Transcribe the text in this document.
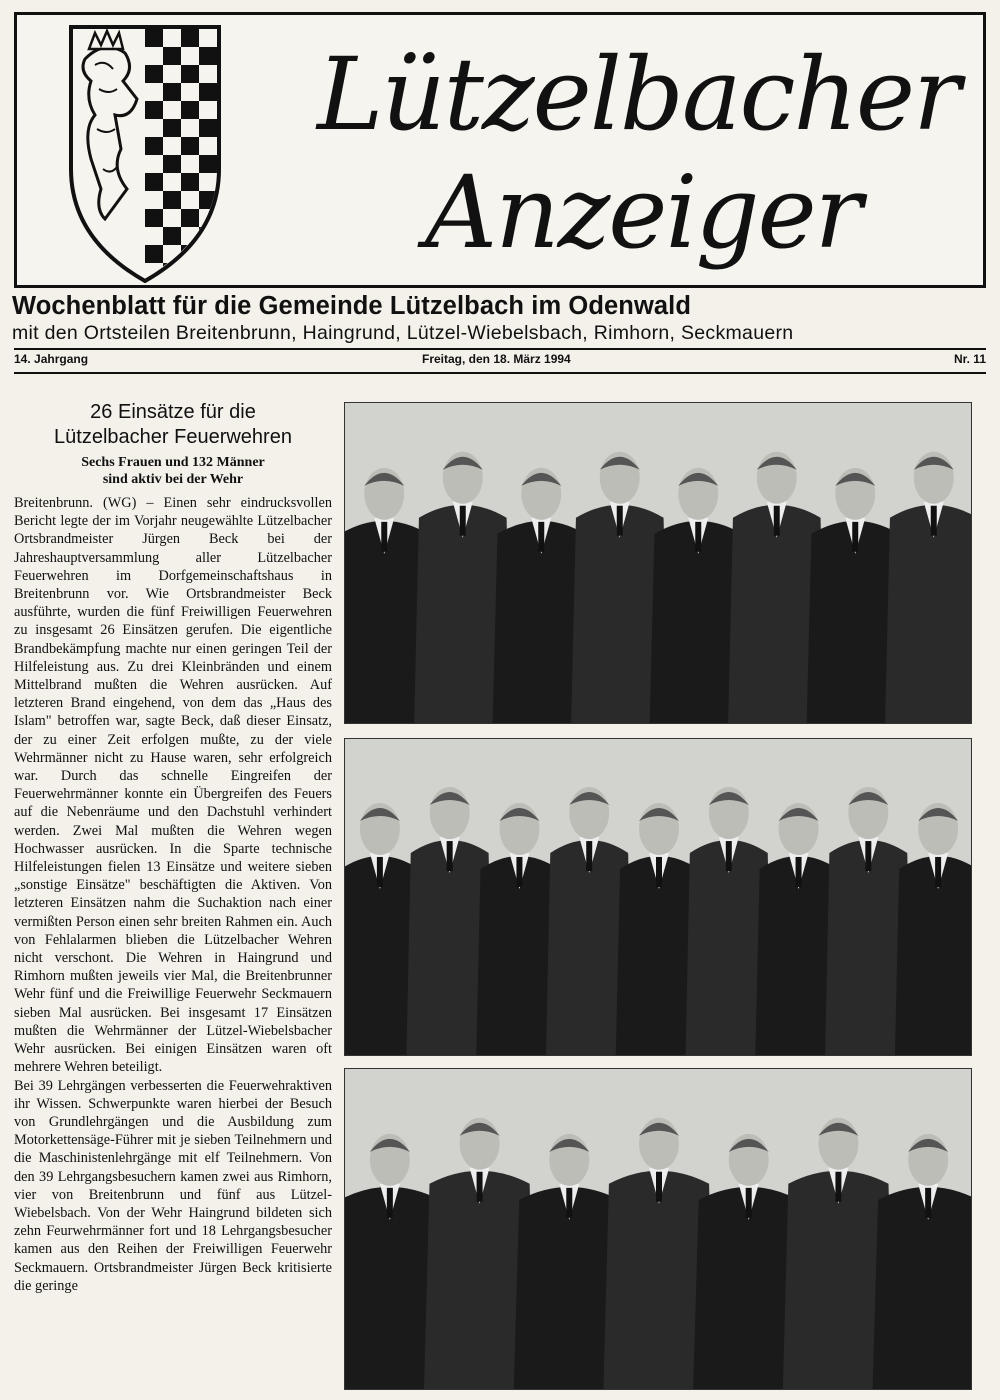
Lützelbacher
Anzeiger
Wochenblatt für die Gemeinde Lützelbach im Odenwald
mit den Ortsteilen Breitenbrunn, Haingrund, Lützel-Wiebelsbach, Rimhorn, Seckmauern
14. Jahrgang	Freitag, den 18. März 1994	Nr. 11
26 Einsätze für die
Lützelbacher Feuerwehren
Sechs Frauen und 132 Männer
sind aktiv bei der Wehr

Breitenbrunn. (WG) – Einen sehr eindrucksvollen Bericht legte der im Vorjahr neugewählte Lützelbacher Ortsbrandmeister Jürgen Beck bei der Jahreshauptversammlung aller Lützelbacher Feuerwehren im Dorfgemeinschaftshaus in Breitenbrunn vor. Wie Ortsbrandmeister Beck ausführte, wurden die fünf Freiwilligen Feuerwehren zu insgesamt 26 Einsätzen gerufen. Die eigentliche Brandbekämpfung machte nur einen geringen Teil der Hilfeleistung aus. Zu drei Kleinbränden und einem Mittelbrand mußten die Wehren ausrücken. Auf letzteren Brand eingehend, von dem das „Haus des Islam" betroffen war, sagte Beck, daß dieser Einsatz, der zu einer Zeit erfolgen mußte, zu der viele Wehrmänner nicht zu Hause waren, sehr erfolgreich war. Durch das schnelle Eingreifen der Feuerwehrmänner konnte ein Übergreifen des Feuers auf die Nebenräume und den Dachstuhl verhindert werden. Zwei Mal mußten die Wehren wegen Hochwasser ausrücken. In die Sparte technische Hilfeleistungen fielen 13 Einsätze und weitere sieben „sonstige Einsätze" beschäftigten die Aktiven. Von letzteren Einsätzen nahm die Suchaktion nach einer vermißten Person einen sehr breiten Rahmen ein. Auch von Fehlalarmen blieben die Lützelbacher Wehren nicht verschont. Die Wehren in Haingrund und Rimhorn mußten jeweils vier Mal, die Breitenbrunner Wehr fünf und die Freiwillige Feuerwehr Seckmauern sieben Mal ausrücken. Bei insgesamt 17 Einsätzen mußten die Wehrmänner der Lützel-Wiebelsbacher Wehr ausrücken. Bei einigen Einsätzen waren oft mehrere Wehren beteiligt.

Bei 39 Lehrgängen verbesserten die Feuerwehraktiven ihr Wissen. Schwerpunkte waren hierbei der Besuch von Grundlehrgängen und die Ausbildung zum Motorkettensäge-Führer mit je sieben Teilnehmern und die Maschinistenlehrgänge mit elf Teilnehmern. Von den 39 Lehrgangsbesuchern kamen zwei aus Rimhorn, vier von Breitenbrunn und fünf aus Lützel-Wiebelsbach. Von der Wehr Haingrund bildeten sich zehn Feurwehrmänner fort und 18 Lehrgangsbesucher kamen aus den Reihen der Freiwilligen Feuerwehr Seckmauern. Ortsbrandmeister Jürgen Beck kritisierte die geringe
